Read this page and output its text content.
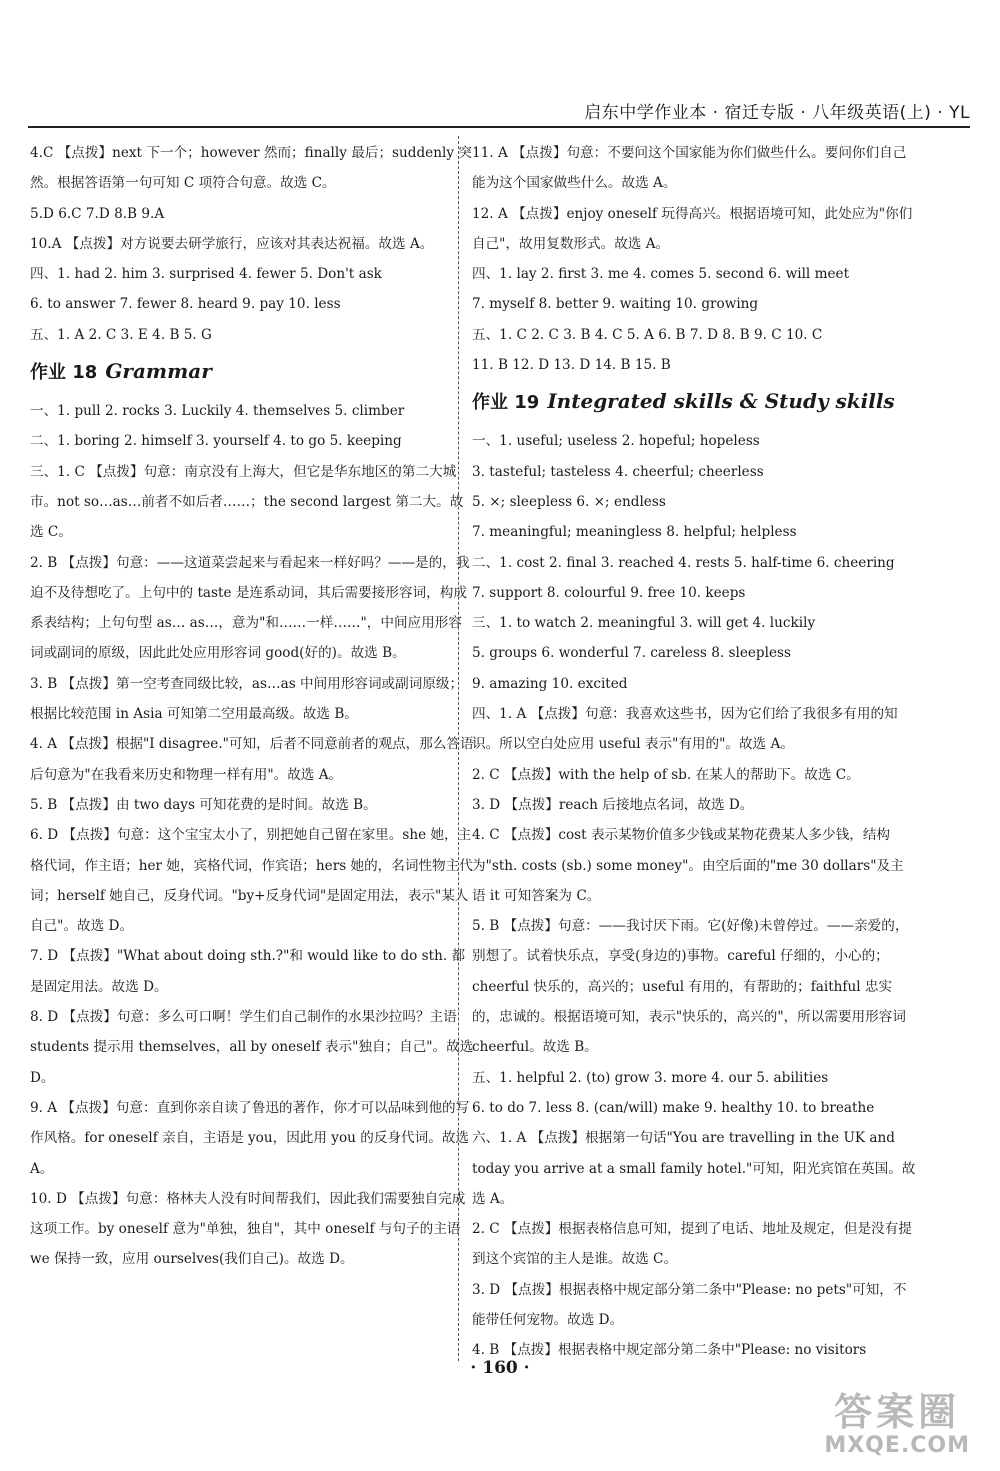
启东中学作业本 · 宿迁专版 · 八年级英语(上) · YL
4.C 【点拨】next 下一个；however 然而；finally 最后；suddenly 突然。根据答语第一句可知 C 项符合句意。故选 C。
5.D 6.C 7.D 8.B 9.A
10.A 【点拨】对方说要去研学旅行，应该对其表达祝福。故选 A。
四、1. had 2. him 3. surprised 4. fewer 5. Don't ask
6. to answer 7. fewer 8. heard 9. pay 10. less
五、1. A 2. C 3. E 4. B 5. G
作业 18 Grammar
一、1. pull 2. rocks 3. Luckily 4. themselves 5. climber
二、1. boring 2. himself 3. yourself 4. to go 5. keeping
三、1. C 【点拨】句意：南京没有上海大，但它是华东地区的第二大城市。not so…as…前者不如后者……；the second largest 第二大。故选 C。
2. B 【点拨】句意：——这道菜尝起来与看起来一样好吗？——是的，我迫不及待想吃了。上句中的 taste 是连系动词，其后需要接形容词，构成系表结构；上句句型 as… as…，意为"和……一样……"，中间应用形容词或副词的原级，因此此处应用形容词 good(好的)。故选 B。
3. B 【点拨】第一空考查同级比较，as…as 中间用形容词或副词原级；根据比较范围 in Asia 可知第二空用最高级。故选 B。
4. A 【点拨】根据"I disagree."可知，后者不同意前者的观点，那么答语后句意为"在我看来历史和物理一样有用"。故选 A。
5. B 【点拨】由 two days 可知花费的是时间。故选 B。
6. D 【点拨】句意：这个宝宝太小了，别把她自己留在家里。she 她，主格代词，作主语；her 她，宾格代词，作宾语；hers 她的，名词性物主代词；herself 她自己，反身代词。"by+反身代词"是固定用法，表示"某人自己"。故选 D。
7. D 【点拨】"What about doing sth.?"和 would like to do sth. 都是固定用法。故选 D。
8. D 【点拨】句意：多么可口啊！学生们自己制作的水果沙拉吗？主语 students 提示用 themselves，all by oneself 表示"独自；自己"。故选 D。
9. A 【点拨】句意：直到你亲自读了鲁迅的著作，你才可以品味到他的写作风格。for oneself 亲自，主语是 you，因此用 you 的反身代词。故选 A。
10. D 【点拨】句意：格林夫人没有时间帮我们，因此我们需要独自完成这项工作。by oneself 意为"单独，独自"，其中 oneself 与句子的主语 we 保持一致，应用 ourselves(我们自己)。故选 D。
11. A 【点拨】句意：不要问这个国家能为你们做些什么。要问你们自己能为这个国家做些什么。故选 A。
12. A 【点拨】enjoy oneself 玩得高兴。根据语境可知，此处应为"你们自己"，故用复数形式。故选 A。
四、1. lay 2. first 3. me 4. comes 5. second 6. will meet
7. myself 8. better 9. waiting 10. growing
五、1. C 2. C 3. B 4. C 5. A 6. B 7. D 8. B 9. C 10. C
11. B 12. D 13. D 14. B 15. B
作业 19 Integrated skills & Study skills
一、1. useful; useless 2. hopeful; hopeless
3. tasteful; tasteless 4. cheerful; cheerless
5. ×; sleepless 6. ×; endless
7. meaningful; meaningless 8. helpful; helpless
二、1. cost 2. final 3. reached 4. rests 5. half-time 6. cheering
7. support 8. colourful 9. free 10. keeps
三、1. to watch 2. meaningful 3. will get 4. luckily
5. groups 6. wonderful 7. careless 8. sleepless
9. amazing 10. excited
四、1. A 【点拨】句意：我喜欢这些书，因为它们给了我很多有用的知识。所以空白处应用 useful 表示"有用的"。故选 A。
2. C 【点拨】with the help of sb. 在某人的帮助下。故选 C。
3. D 【点拨】reach 后接地点名词，故选 D。
4. C 【点拨】cost 表示某物价值多少钱或某物花费某人多少钱，结构为"sth. costs (sb.) some money"。由空后面的"me 30 dollars"及主语 it 可知答案为 C。
5. B 【点拨】句意：——我讨厌下雨。它(好像)未曾停过。——亲爱的，别想了。试着快乐点，享受(身边的)事物。careful 仔细的，小心的；cheerful 快乐的，高兴的；useful 有用的，有帮助的；faithful 忠实的，忠诚的。根据语境可知，表示"快乐的，高兴的"，所以需要用形容词 cheerful。故选 B。
五、1. helpful 2. (to) grow 3. more 4. our 5. abilities
6. to do 7. less 8. (can/will) make 9. healthy 10. to breathe
六、1. A 【点拨】根据第一句话"You are travelling in the UK and today you arrive at a small family hotel."可知，阳光宾馆在英国。故选 A。
2. C 【点拨】根据表格信息可知，提到了电话、地址及规定，但是没有提到这个宾馆的主人是谁。故选 C。
3. D 【点拨】根据表格中规定部分第二条中"Please: no pets"可知，不能带任何宠物。故选 D。
4. B 【点拨】根据表格中规定部分第二条中"Please: no visitors
· 160 ·
答案圈
MXQE.COM
